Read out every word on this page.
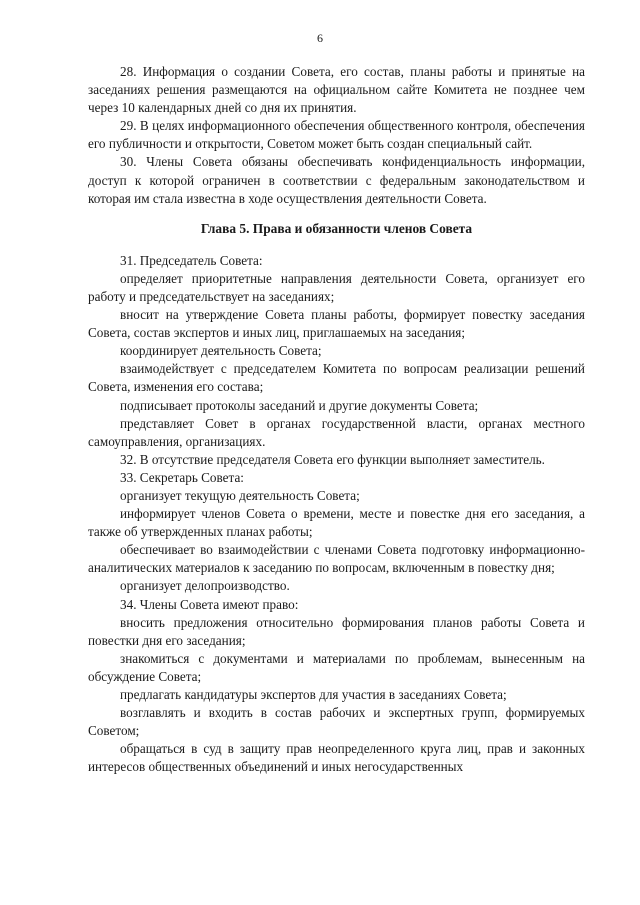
6

28. Информация о создании Совета, его состав, планы работы и принятые на заседаниях решения размещаются на официальном сайте Комитета не позднее чем через 10 календарных дней со дня их принятия.

29. В целях информационного обеспечения общественного контроля, обеспечения его публичности и открытости, Советом может быть создан специальный сайт.

30. Члены Совета обязаны обеспечивать конфиденциальность информации, доступ к которой ограничен в соответствии с федеральным законодательством и которая им стала известна в ходе осуществления деятельности Совета.

Глава 5. Права и обязанности членов Совета

31. Председатель Совета:

определяет приоритетные направления деятельности Совета, организует его работу и председательствует на заседаниях;

вносит на утверждение Совета планы работы, формирует повестку заседания Совета, состав экспертов и иных лиц, приглашаемых на заседания;

координирует деятельность Совета;

взаимодействует с председателем Комитета по вопросам реализации решений Совета, изменения его состава;

подписывает протоколы заседаний и другие документы Совета;

представляет Совет в органах государственной власти, органах местного самоуправления, организациях.

32. В отсутствие председателя Совета его функции выполняет заместитель.

33. Секретарь Совета:

организует текущую деятельность Совета;

информирует членов Совета о времени, месте и повестке дня его заседания, а также об утвержденных планах работы;

обеспечивает во взаимодействии с членами Совета подготовку информационно-аналитических материалов к заседанию по вопросам, включенным в повестку дня;

организует делопроизводство.

34. Члены Совета имеют право:

вносить предложения относительно формирования планов работы Совета и повестки дня его заседания;

знакомиться с документами и материалами по проблемам, вынесенным на обсуждение Совета;

предлагать кандидатуры экспертов для участия в заседаниях Совета;

возглавлять и входить в состав рабочих и экспертных групп, формируемых Советом;

обращаться в суд в защиту прав неопределенного круга лиц, прав и законных интересов общественных объединений и иных негосударственных
